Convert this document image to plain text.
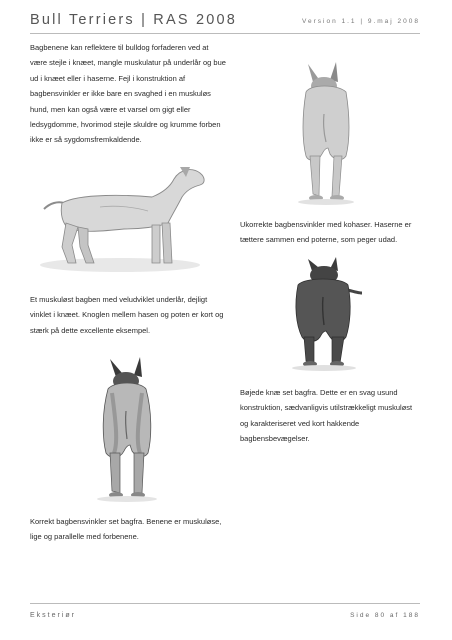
Bull Terriers | RAS 2008	Version 1.1 | 9.maj 2008

Bagbenene kan reflektere til bulldog forfaderen ved at være stejle i knæet, mangle muskulatur på underlår og bue ud i knæet eller i haserne. Fejl i konstruktion af bagbensvinkler er ikke bare en svaghed i en muskuløs hund, men kan også være et varsel om gigt eller ledsygdomme, hvorimod stejle skuldre og krumme forben ikke er så sygdomsfremkaldende.

Ukorrekte bagbensvinkler med kohaser. Haserne er tættere sammen end poterne, som peger udad.

Et muskuløst bagben med veludviklet underlår, dejligt vinklet i knæet. Knoglen mellem hasen og poten er kort og stærk på dette excellente eksempel.

Bøjede knæ set bagfra. Dette er en svag usund konstruktion, sædvanligvis utilstrækkeligt muskuløst og karakteriseret ved kort hakkende bagbensbevægelser.

Korrekt bagbensvinkler set bagfra. Benene er muskuløse, lige og parallelle med forbenene.

Eksteriør	Side 80 af 188
